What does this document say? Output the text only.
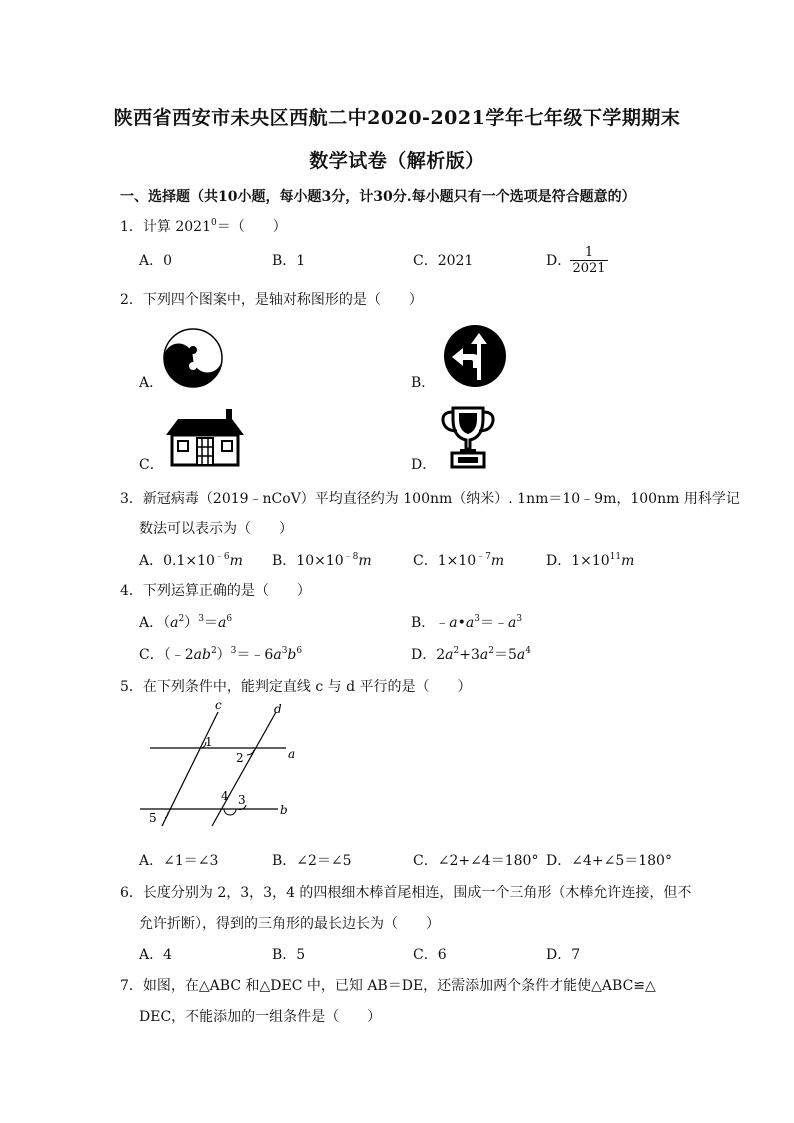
陕西省西安市未央区西航二中2020-2021学年七年级下学期期末
数学试卷（解析版）
一、选择题（共10小题，每小题3分，计30分.每小题只有一个选项是符合题意的）
1．计算 $2021^0=$（　　）
A．0	B．1	C．2021	D．
$\frac{1}{2021}$
2．下列四个图案中，是轴对称图形的是（　　）
A．	B．
C．	D．
3．新冠病毒（2019﹣nCoV）平均直径约为 100nm（纳米）. 1nm＝10﹣9m，100nm 用科学记
数法可以表示为（　　）
A．$0.1\times 10^{﹣6}m$ B．$10\times 10^{﹣8}m$	C．$1\times 10^{﹣7}m$	D．$1\times 10^{11}m$
4．下列运算正确的是（　　）
A．$(a^2)^3=a^6$	B．$﹣a•a^3=﹣a^3$
C．$(﹣2ab^2)^3=﹣6a^3b^6$	D．$2a^2+3a^2=5a^4$
5．在下列条件中，能判定直线 c 与 d 平行的是（　　）
c	d
a
b
1
2
3
4
5
A．∠1＝∠3	B．∠2＝∠5	C．∠2+∠4＝180° D．∠4+∠5＝180°
6．长度分别为 2，3，3，4 的四根细木棒首尾相连，围成一个三角形（木棒允许连接，但不
允许折断），得到的三角形的最长边长为（　　）
A．4	B．5	C．6	D．7
7．如图，在△ABC 和△DEC 中，已知 AB＝DE，还需添加两个条件才能使△ABC≌△
DEC，不能添加的一组条件是（　　）
